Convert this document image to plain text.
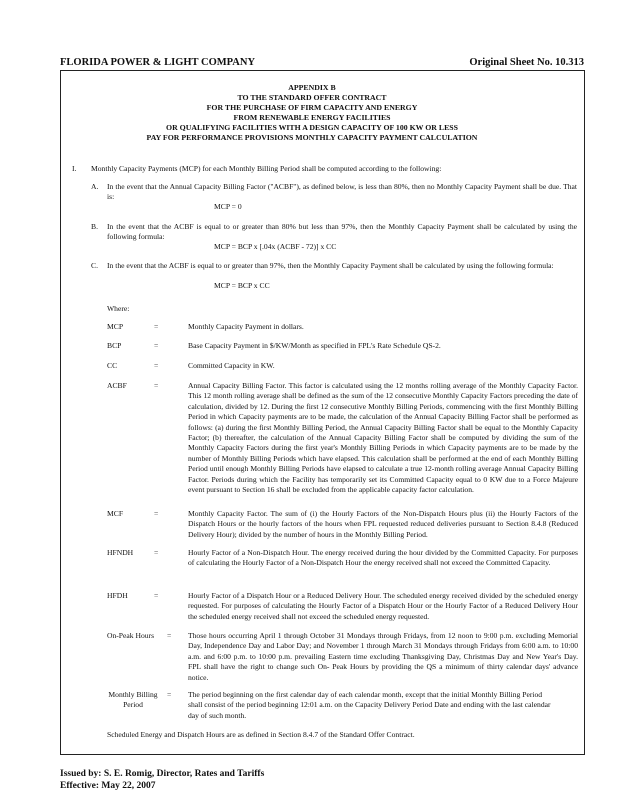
FLORIDA POWER & LIGHT COMPANY	Original Sheet No. 10.313
APPENDIX B
TO THE STANDARD OFFER CONTRACT
FOR THE PURCHASE OF FIRM CAPACITY AND ENERGY
FROM RENEWABLE ENERGY FACILITIES
OR QUALIFYING FACILITIES WITH A DESIGN CAPACITY OF 100 KW OR LESS
PAY FOR PERFORMANCE PROVISIONS MONTHLY CAPACITY PAYMENT CALCULATION
I. Monthly Capacity Payments (MCP) for each Monthly Billing Period shall be computed according to the following:

A. In the event that the Annual Capacity Billing Factor ("ACBF"), as defined below, is less than 80%, then no Monthly Capacity Payment shall be due. That is:

MCP = 0
B. In the event that the ACBF is equal to or greater than 80% but less than 97%, then the Monthly Capacity Payment shall be calculated by using the following formula:

MCP = BCP x [.04x (ACBF - 72)] x CC
C. In the event that the ACBF is equal to or greater than 97%, then the Monthly Capacity Payment shall be calculated by using the following formula:

MCP = BCP x CC
Where:
MCP	=	Monthly Capacity Payment in dollars.

BCP	=	Base Capacity Payment in $/KW/Month as specified in FPL's Rate Schedule QS-2.

CC	=	Committed Capacity in KW.

ACBF	=	Annual Capacity Billing Factor. This factor is calculated using the 12 months rolling average of the Monthly Capacity Factor. This 12 month rolling average shall be defined as the sum of the 12 consecutive Monthly Capacity Factors preceding the date of calculation, divided by 12. During the first 12 consecutive Monthly Billing Periods, commencing with the first Monthly Billing Period in which Capacity payments are to be made, the calculation of the Annual Capacity Billing Factor shall be performed as follows: (a) during the first Monthly Billing Period, the Annual Capacity Billing Factor shall be equal to the Monthly Capacity Factor; (b) thereafter, the calculation of the Annual Capacity Billing Factor shall be computed by dividing the sum of the Monthly Capacity Factors during the first year's Monthly Billing Periods in which Capacity payments are to be made by the number of Monthly Billing Periods which have elapsed. This calculation shall be performed at the end of each Monthly Billing Period until enough Monthly Billing Periods have elapsed to calculate a true 12-month rolling average Annual Capacity Billing Factor. Periods during which the Facility has temporarily set its Committed Capacity equal to 0 KW due to a Force Majeure event pursuant to Section 16 shall be excluded from the applicable capacity factor calculation.

MCF	=	Monthly Capacity Factor. The sum of (i) the Hourly Factors of the Non-Dispatch Hours plus (ii) the Hourly Factors of the Dispatch Hours or the hourly factors of the hours when FPL requested reduced deliveries pursuant to Section 8.4.8 (Reduced Delivery Hour); divided by the number of hours in the Monthly Billing Period.

HFNDH	=	Hourly Factor of a Non-Dispatch Hour. The energy received during the hour divided by the Committed Capacity. For purposes of calculating the Hourly Factor of a Non-Dispatch Hour the energy received shall not exceed the Committed Capacity.

HFDH	=	Hourly Factor of a Dispatch Hour or a Reduced Delivery Hour. The scheduled energy received divided by the scheduled energy requested. For purposes of calculating the Hourly Factor of a Dispatch Hour or the Hourly Factor of a Reduced Delivery Hour the scheduled energy received shall not exceed the scheduled energy requested.

On-Peak Hours = Those hours occurring April 1 through October 31 Mondays through Fridays, from 12 noon to 9:00 p.m. excluding Memorial Day, Independence Day and Labor Day; and November 1 through March 31 Mondays through Fridays from 6:00 a.m. to 10:00 a.m. and 6:00 p.m. to 10:00 p.m. prevailing Eastern time excluding Thanksgiving Day, Christmas Day and New Year's Day. FPL shall have the right to change such On- Peak Hours by providing the QS a minimum of thirty calendar days' advance notice.

Monthly Billing Period
= The period beginning on the first calendar day of each calendar month, except that the initial Monthly Billing Period shall consist of the period beginning 12:01 a.m. on the Capacity Delivery Period Date and ending with the last calendar day of such month.

Scheduled Energy and Dispatch Hours are as defined in Section 8.4.7 of the Standard Offer Contract.

Issued by: S. E. Romig, Director, Rates and Tariffs
Effective: May 22, 2007
